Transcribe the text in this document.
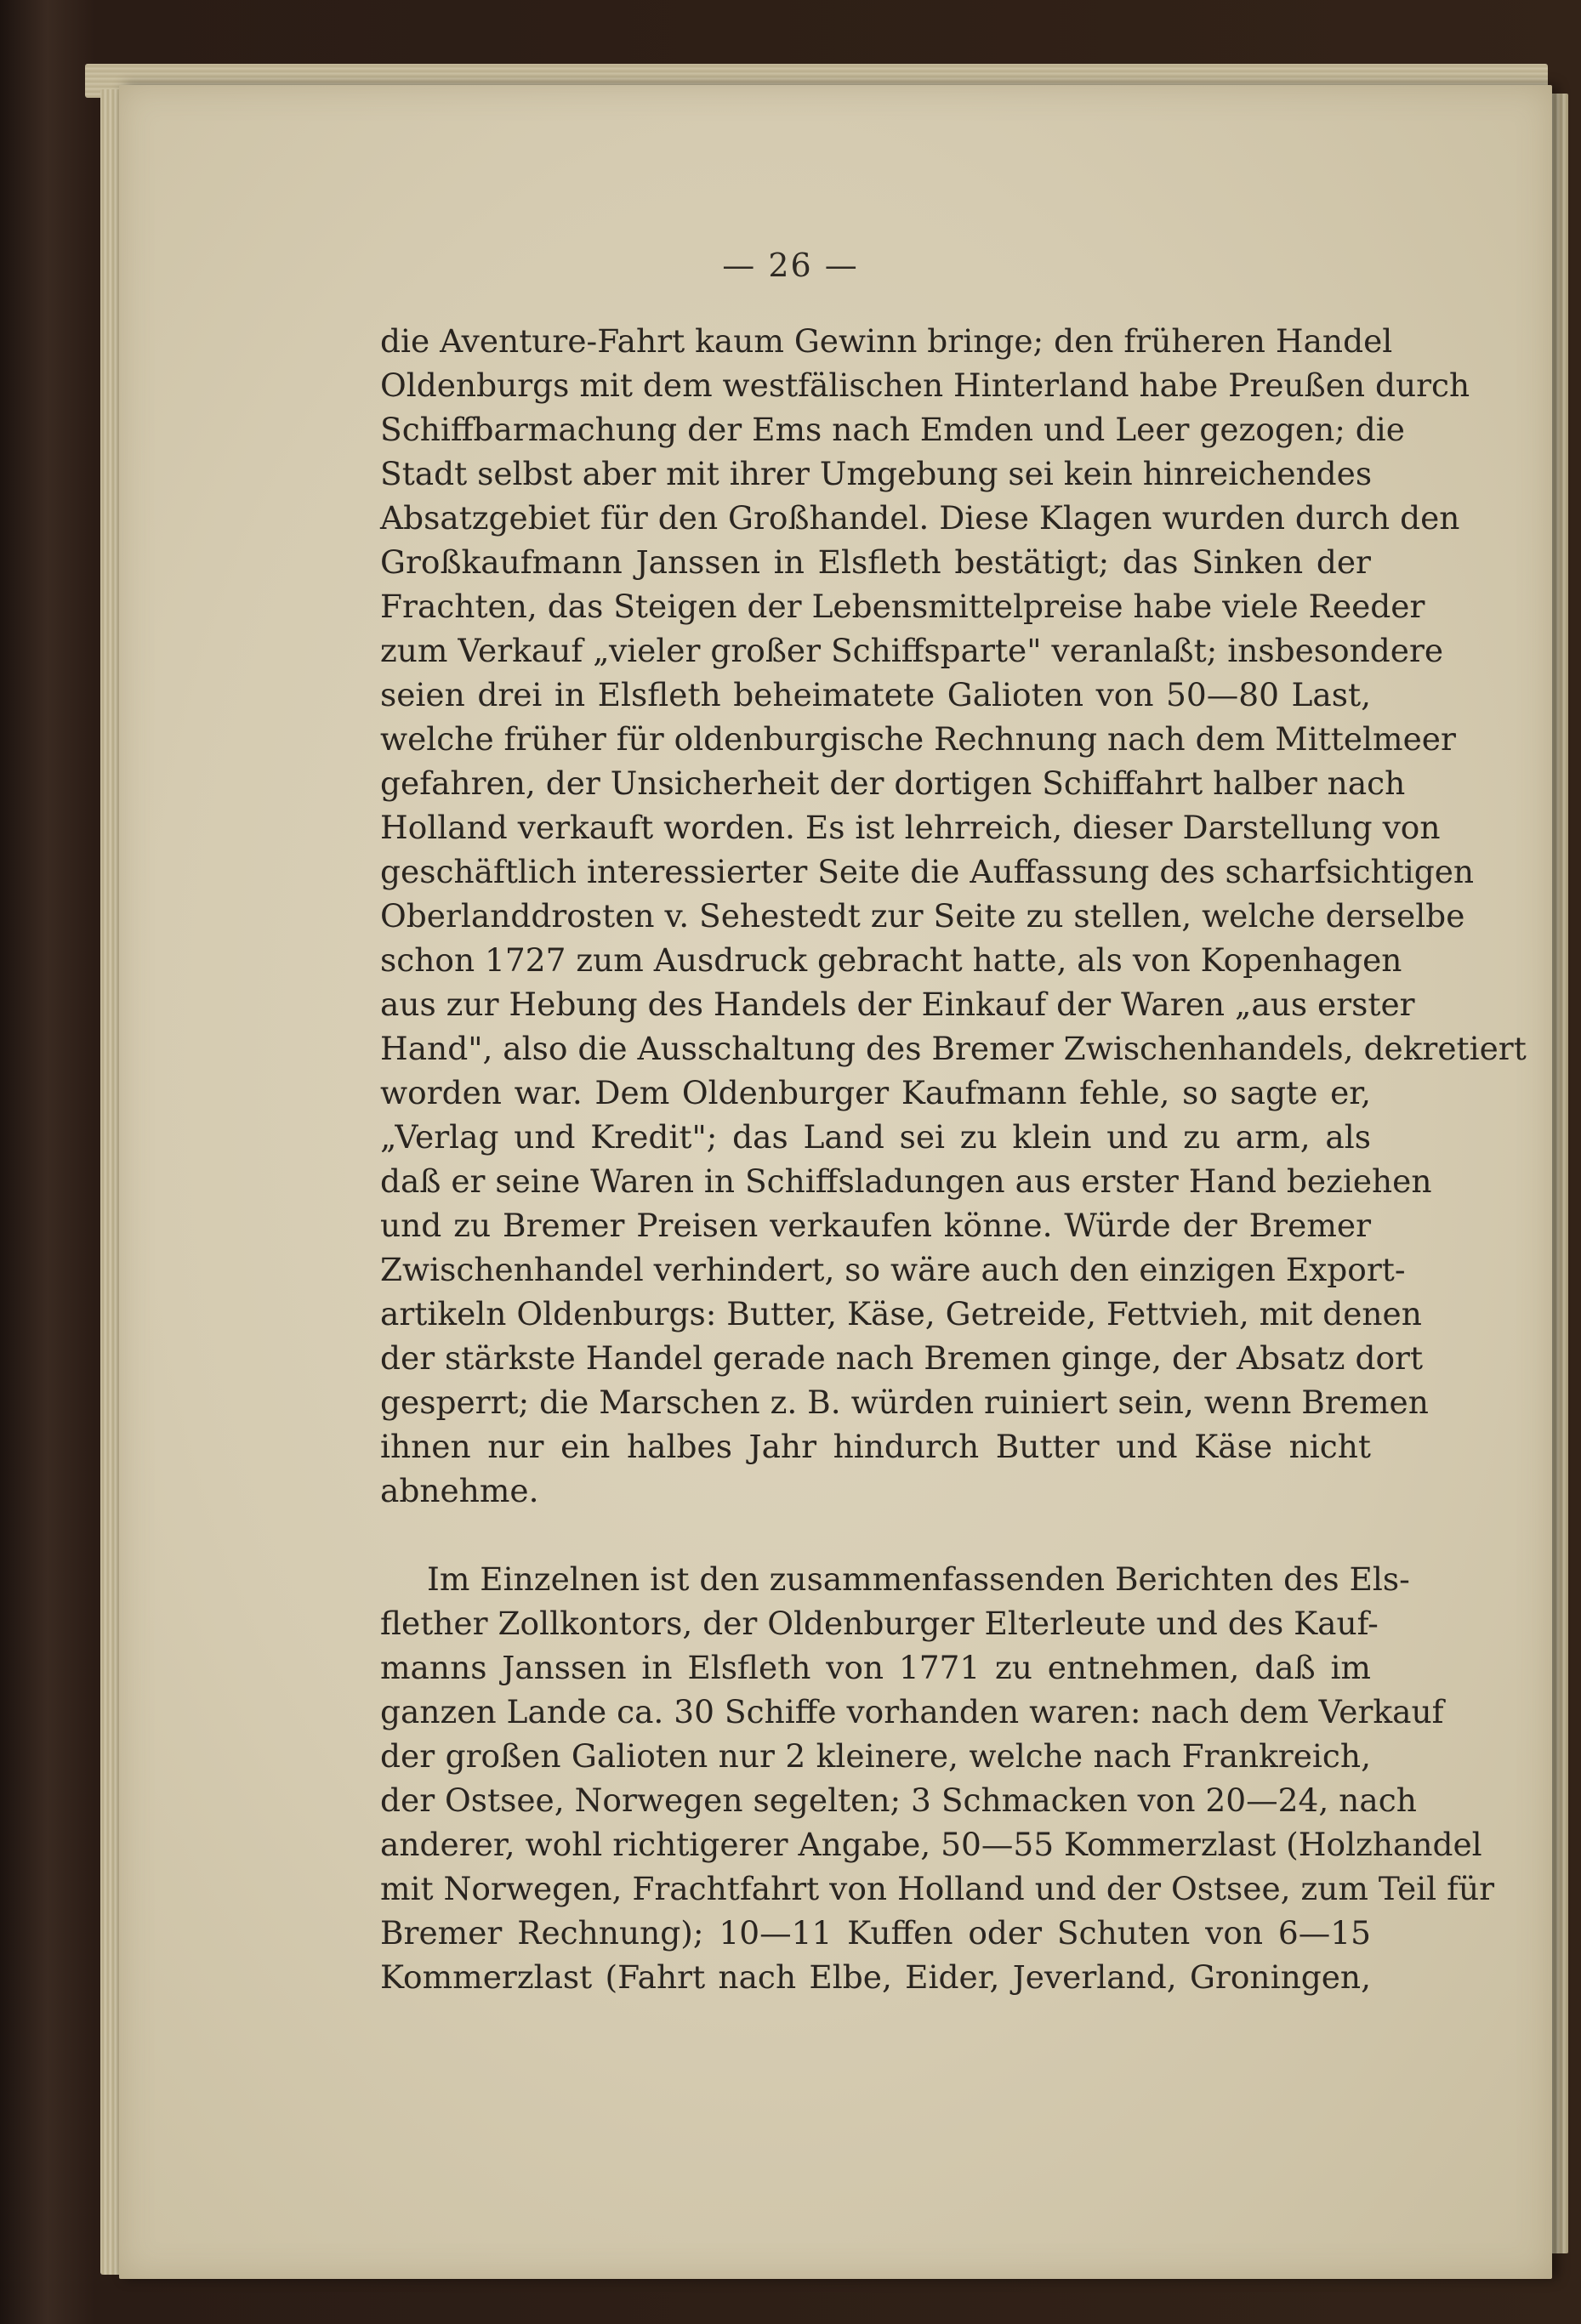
— 26 —
die Aventure-Fahrt kaum Gewinn bringe; den früheren Handel
Oldenburgs mit dem westfälischen Hinterland habe Preußen durch
Schiffbarmachung der Ems nach Emden und Leer gezogen; die
Stadt selbst aber mit ihrer Umgebung sei kein hinreichendes
Absatzgebiet für den Großhandel. Diese Klagen wurden durch den
Großkaufmann Janssen in Elsfleth bestätigt; das Sinken der
Frachten, das Steigen der Lebensmittelpreise habe viele Reeder
zum Verkauf „vieler großer Schiffsparte" veranlaßt; insbesondere
seien drei in Elsfleth beheimatete Galioten von 50—80 Last,
welche früher für oldenburgische Rechnung nach dem Mittelmeer
gefahren, der Unsicherheit der dortigen Schiffahrt halber nach
Holland verkauft worden. Es ist lehrreich, dieser Darstellung von
geschäftlich interessierter Seite die Auffassung des scharfsichtigen
Oberlanddrosten v. Sehestedt zur Seite zu stellen, welche derselbe
schon 1727 zum Ausdruck gebracht hatte, als von Kopenhagen
aus zur Hebung des Handels der Einkauf der Waren „aus erster
Hand", also die Ausschaltung des Bremer Zwischenhandels, dekretiert
worden war. Dem Oldenburger Kaufmann fehle, so sagte er,
„Verlag und Kredit"; das Land sei zu klein und zu arm, als
daß er seine Waren in Schiffsladungen aus erster Hand beziehen
und zu Bremer Preisen verkaufen könne. Würde der Bremer
Zwischenhandel verhindert, so wäre auch den einzigen Export-
artikeln Oldenburgs: Butter, Käse, Getreide, Fettvieh, mit denen
der stärkste Handel gerade nach Bremen ginge, der Absatz dort
gesperrt; die Marschen z. B. würden ruiniert sein, wenn Bremen
ihnen nur ein halbes Jahr hindurch Butter und Käse nicht
abnehme.
Im Einzelnen ist den zusammenfassenden Berichten des Els-
flether Zollkontors, der Oldenburger Elterleute und des Kauf-
manns Janssen in Elsfleth von 1771 zu entnehmen, daß im
ganzen Lande ca. 30 Schiffe vorhanden waren: nach dem Verkauf
der großen Galioten nur 2 kleinere, welche nach Frankreich,
der Ostsee, Norwegen segelten; 3 Schmacken von 20—24, nach
anderer, wohl richtigerer Angabe, 50—55 Kommerzlast (Holzhandel
mit Norwegen, Frachtfahrt von Holland und der Ostsee, zum Teil für
Bremer Rechnung); 10—11 Kuffen oder Schuten von 6—15
Kommerzlast (Fahrt nach Elbe, Eider, Jeverland, Groningen,
